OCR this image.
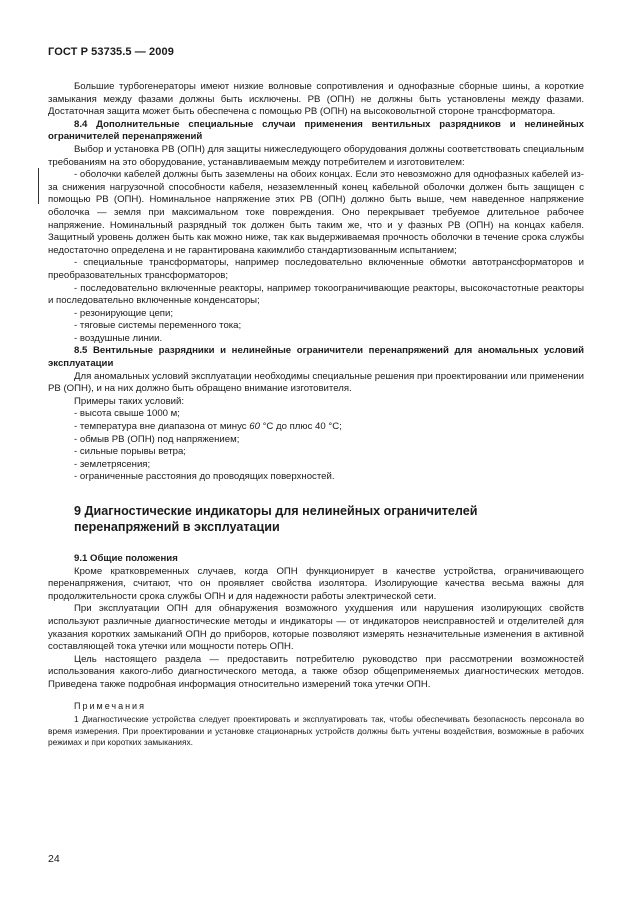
ГОСТ Р 53735.5 — 2009

Большие турбогенераторы имеют низкие волновые сопротивления и однофазные сборные шины, а короткие замыкания между фазами должны быть исключены. РВ (ОПН) не должны быть установлены между фазами. Достаточная защита может быть обеспечена с помощью РВ (ОПН) на высоковольтной стороне трансформатора.

8.4 Дополнительные специальные случаи применения вентильных разрядников и нелинейных ограничителей перенапряжений

Выбор и установка РВ (ОПН) для защиты нижеследующего оборудования должны соответствовать специальным требованиям на это оборудование, устанавливаемым между потребителем и изготовителем:

- оболочки кабелей должны быть заземлены на обоих концах. Если это невозможно для однофазных кабелей из-за снижения нагрузочной способности кабеля, незаземленный конец кабельной оболочки должен быть защищен с помощью РВ (ОПН). Номинальное напряжение этих РВ (ОПН) должно быть выше, чем наведенное напряжение оболочка — земля при максимальном токе повреждения. Оно перекрывает требуемое длительное рабочее напряжение. Номинальный разрядный ток должен быть таким же, что и у фазных РВ (ОПН) на концах кабеля. Защитный уровень должен быть как можно ниже, так как выдерживаемая прочность оболочки в течение срока службы недостаточно определена и не гарантирована какимлибо стандартизованным испытанием;

- специальные трансформаторы, например последовательно включенные обмотки автотрансформаторов и преобразовательных трансформаторов;

- последовательно включенные реакторы, например токоограничивающие реакторы, высокочастотные реакторы и последовательно включенные конденсаторы;

- резонирующие цепи;

- тяговые системы переменного тока;

- воздушные линии.

8.5 Вентильные разрядники и нелинейные ограничители перенапряжений для аномальных условий эксплуатации

Для аномальных условий эксплуатации необходимы специальные решения при проектировании или применении РВ (ОПН), и на них должно быть обращено внимание изготовителя.

Примеры таких условий:

- высота свыше 1000 м;

- температура вне диапазона от минус 60 °С до плюс 40 °С;

- обмыв РВ (ОПН) под напряжением;

- сильные порывы ветра;

- землетрясения;

- ограниченные расстояния до проводящих поверхностей.

9 Диагностические индикаторы для нелинейных ограничителей перенапряжений в эксплуатации

9.1 Общие положения

Кроме кратковременных случаев, когда ОПН функционирует в качестве устройства, ограничивающего перенапряжения, считают, что он проявляет свойства изолятора. Изолирующие качества весьма важны для продолжительности срока службы ОПН и для надежности работы электрической сети.

При эксплуатации ОПН для обнаружения возможного ухудшения или нарушения изолирующих свойств используют различные диагностические методы и индикаторы — от индикаторов неисправностей и отделителей для указания коротких замыканий ОПН до приборов, которые позволяют измерять незначительные изменения в активной составляющей тока утечки или мощности потерь ОПН.

Цель настоящего раздела — предоставить потребителю руководство при рассмотрении возможностей использования какого-либо диагностического метода, а также обзор общеприменяемых диагностических методов. Приведена также подробная информация относительно измерений тока утечки ОПН.

Примечания

1 Диагностические устройства следует проектировать и эксплуатировать так, чтобы обеспечивать безопасность персонала во время измерения. При проектировании и установке стационарных устройств должны быть учтены воздействия, возможные в рабочих режимах и при коротких замыканиях.

24
